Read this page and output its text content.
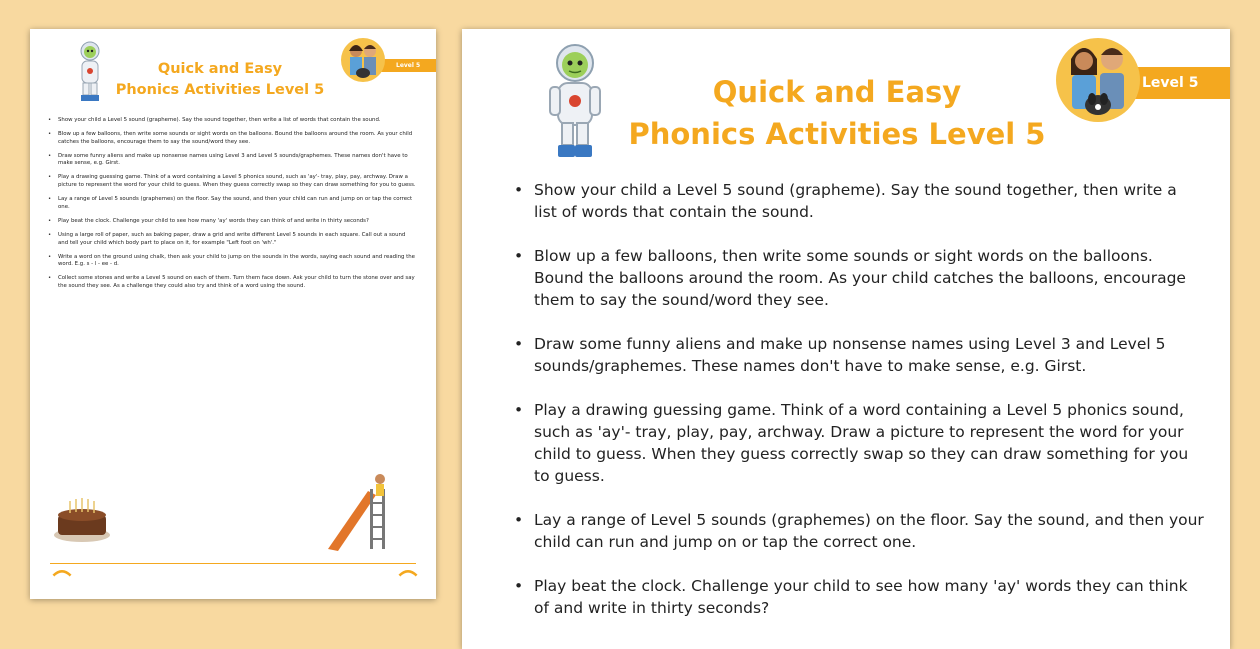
Quick and Easy
Phonics Activities Level 5
Level 5
• Show your child a Level 5 sound (grapheme). Say the sound together, then write a list of words that contain the sound.
• Blow up a few balloons, then write some sounds or sight words on the balloons. Bound the balloons around the room. As your child catches the balloons, encourage them to say the sound/word they see.
• Draw some funny aliens and make up nonsense names using Level 3 and Level 5 sounds/graphemes. These names don't have to make sense, e.g. Girst.
• Play a drawing guessing game. Think of a word containing a Level 5 phonics sound, such as 'ay'- tray, play, pay, archway. Draw a picture to represent the word for your child to guess. When they guess correctly swap so they can draw something for you to guess.
• Lay a range of Level 5 sounds (graphemes) on the floor. Say the sound, and then your child can run and jump on or tap the correct one.
• Play beat the clock. Challenge your child to see how many 'ay' words they can think of and write in thirty seconds?
• Using a large roll of paper, such as baking paper, draw a grid and write different Level 5 sounds in each square. Call out a sound and tell your child which body part to place on it, for example "Left foot on 'wh'."
• Write a word on the ground using chalk, then ask your child to jump on the sounds in the words, saying each sound and reading the word. E.g. s - l - ee - d.
• Collect some stones and write a Level 5 sound on each of them. Turn them face down. Ask your child to turn the stone over and say the sound they see. As a challenge they could also try and think of a word using the sound.
Quick and Easy
Phonics Activities Level 5
Level 5
• Show your child a Level 5 sound (grapheme). Say the sound together, then write a list of words that contain the sound.
• Blow up a few balloons, then write some sounds or sight words on the balloons. Bound the balloons around the room. As your child catches the balloons, encourage them to say the sound/word they see.
• Draw some funny aliens and make up nonsense names using Level 3 and Level 5 sounds/graphemes. These names don't have to make sense, e.g. Girst.
• Play a drawing guessing game. Think of a word containing a Level 5 phonics sound, such as 'ay'- tray, play, pay, archway. Draw a picture to represent the word for your child to guess. When they guess correctly swap so they can draw something for you to guess.
• Lay a range of Level 5 sounds (graphemes) on the floor. Say the sound, and then your child can run and jump on or tap the correct one.
• Play beat the clock. Challenge your child to see how many 'ay' words they can think of and write in thirty seconds?
